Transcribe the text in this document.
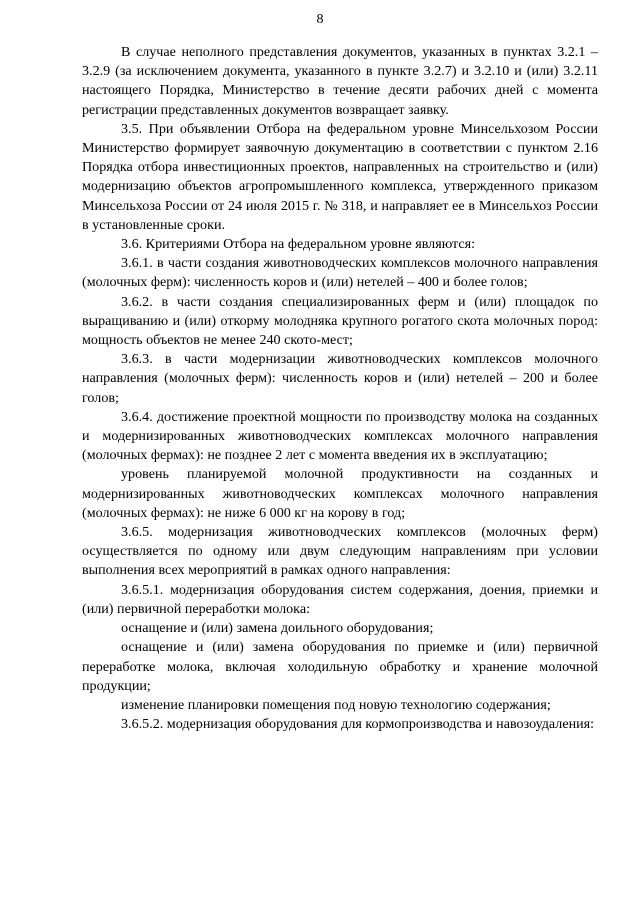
8

В случае неполного представления документов, указанных в пунктах 3.2.1 – 3.2.9 (за исключением документа, указанного в пункте 3.2.7) и 3.2.10 и (или) 3.2.11 настоящего Порядка, Министерство в течение десяти рабочих дней с момента регистрации представленных документов возвращает заявку.

3.5. При объявлении Отбора на федеральном уровне Минсельхозом России Министерство формирует заявочную документацию в соответствии с пунктом 2.16 Порядка отбора инвестиционных проектов, направленных на строительство и (или) модернизацию объектов агропромышленного комплекса, утвержденного приказом Минсельхоза России от 24 июля 2015 г. № 318, и направляет ее в Минсельхоз России в установленные сроки.

3.6. Критериями Отбора на федеральном уровне являются:

3.6.1. в части создания животноводческих комплексов молочного направления (молочных ферм): численность коров и (или) нетелей – 400 и более голов;

3.6.2. в части создания специализированных ферм и (или) площадок по выращиванию и (или) откорму молодняка крупного рогатого скота молочных пород: мощность объектов не менее 240 ското-мест;

3.6.3. в части модернизации животноводческих комплексов молочного направления (молочных ферм): численность коров и (или) нетелей – 200 и более голов;

3.6.4. достижение проектной мощности по производству молока на созданных и модернизированных животноводческих комплексах молочного направления (молочных фермах): не позднее 2 лет с момента введения их в эксплуатацию;

уровень планируемой молочной продуктивности на созданных и модернизированных животноводческих комплексах молочного направления (молочных фермах): не ниже 6 000 кг на корову в год;

3.6.5. модернизация животноводческих комплексов (молочных ферм) осуществляется по одному или двум следующим направлениям при условии выполнения всех мероприятий в рамках одного направления:

3.6.5.1. модернизация оборудования систем содержания, доения, приемки и (или) первичной переработки молока:

оснащение и (или) замена доильного оборудования;

оснащение и (или) замена оборудования по приемке и (или) первичной переработке молока, включая холодильную обработку и хранение молочной продукции;

изменение планировки помещения под новую технологию содержания;

3.6.5.2. модернизация оборудования для кормопроизводства и навозоудаления:
